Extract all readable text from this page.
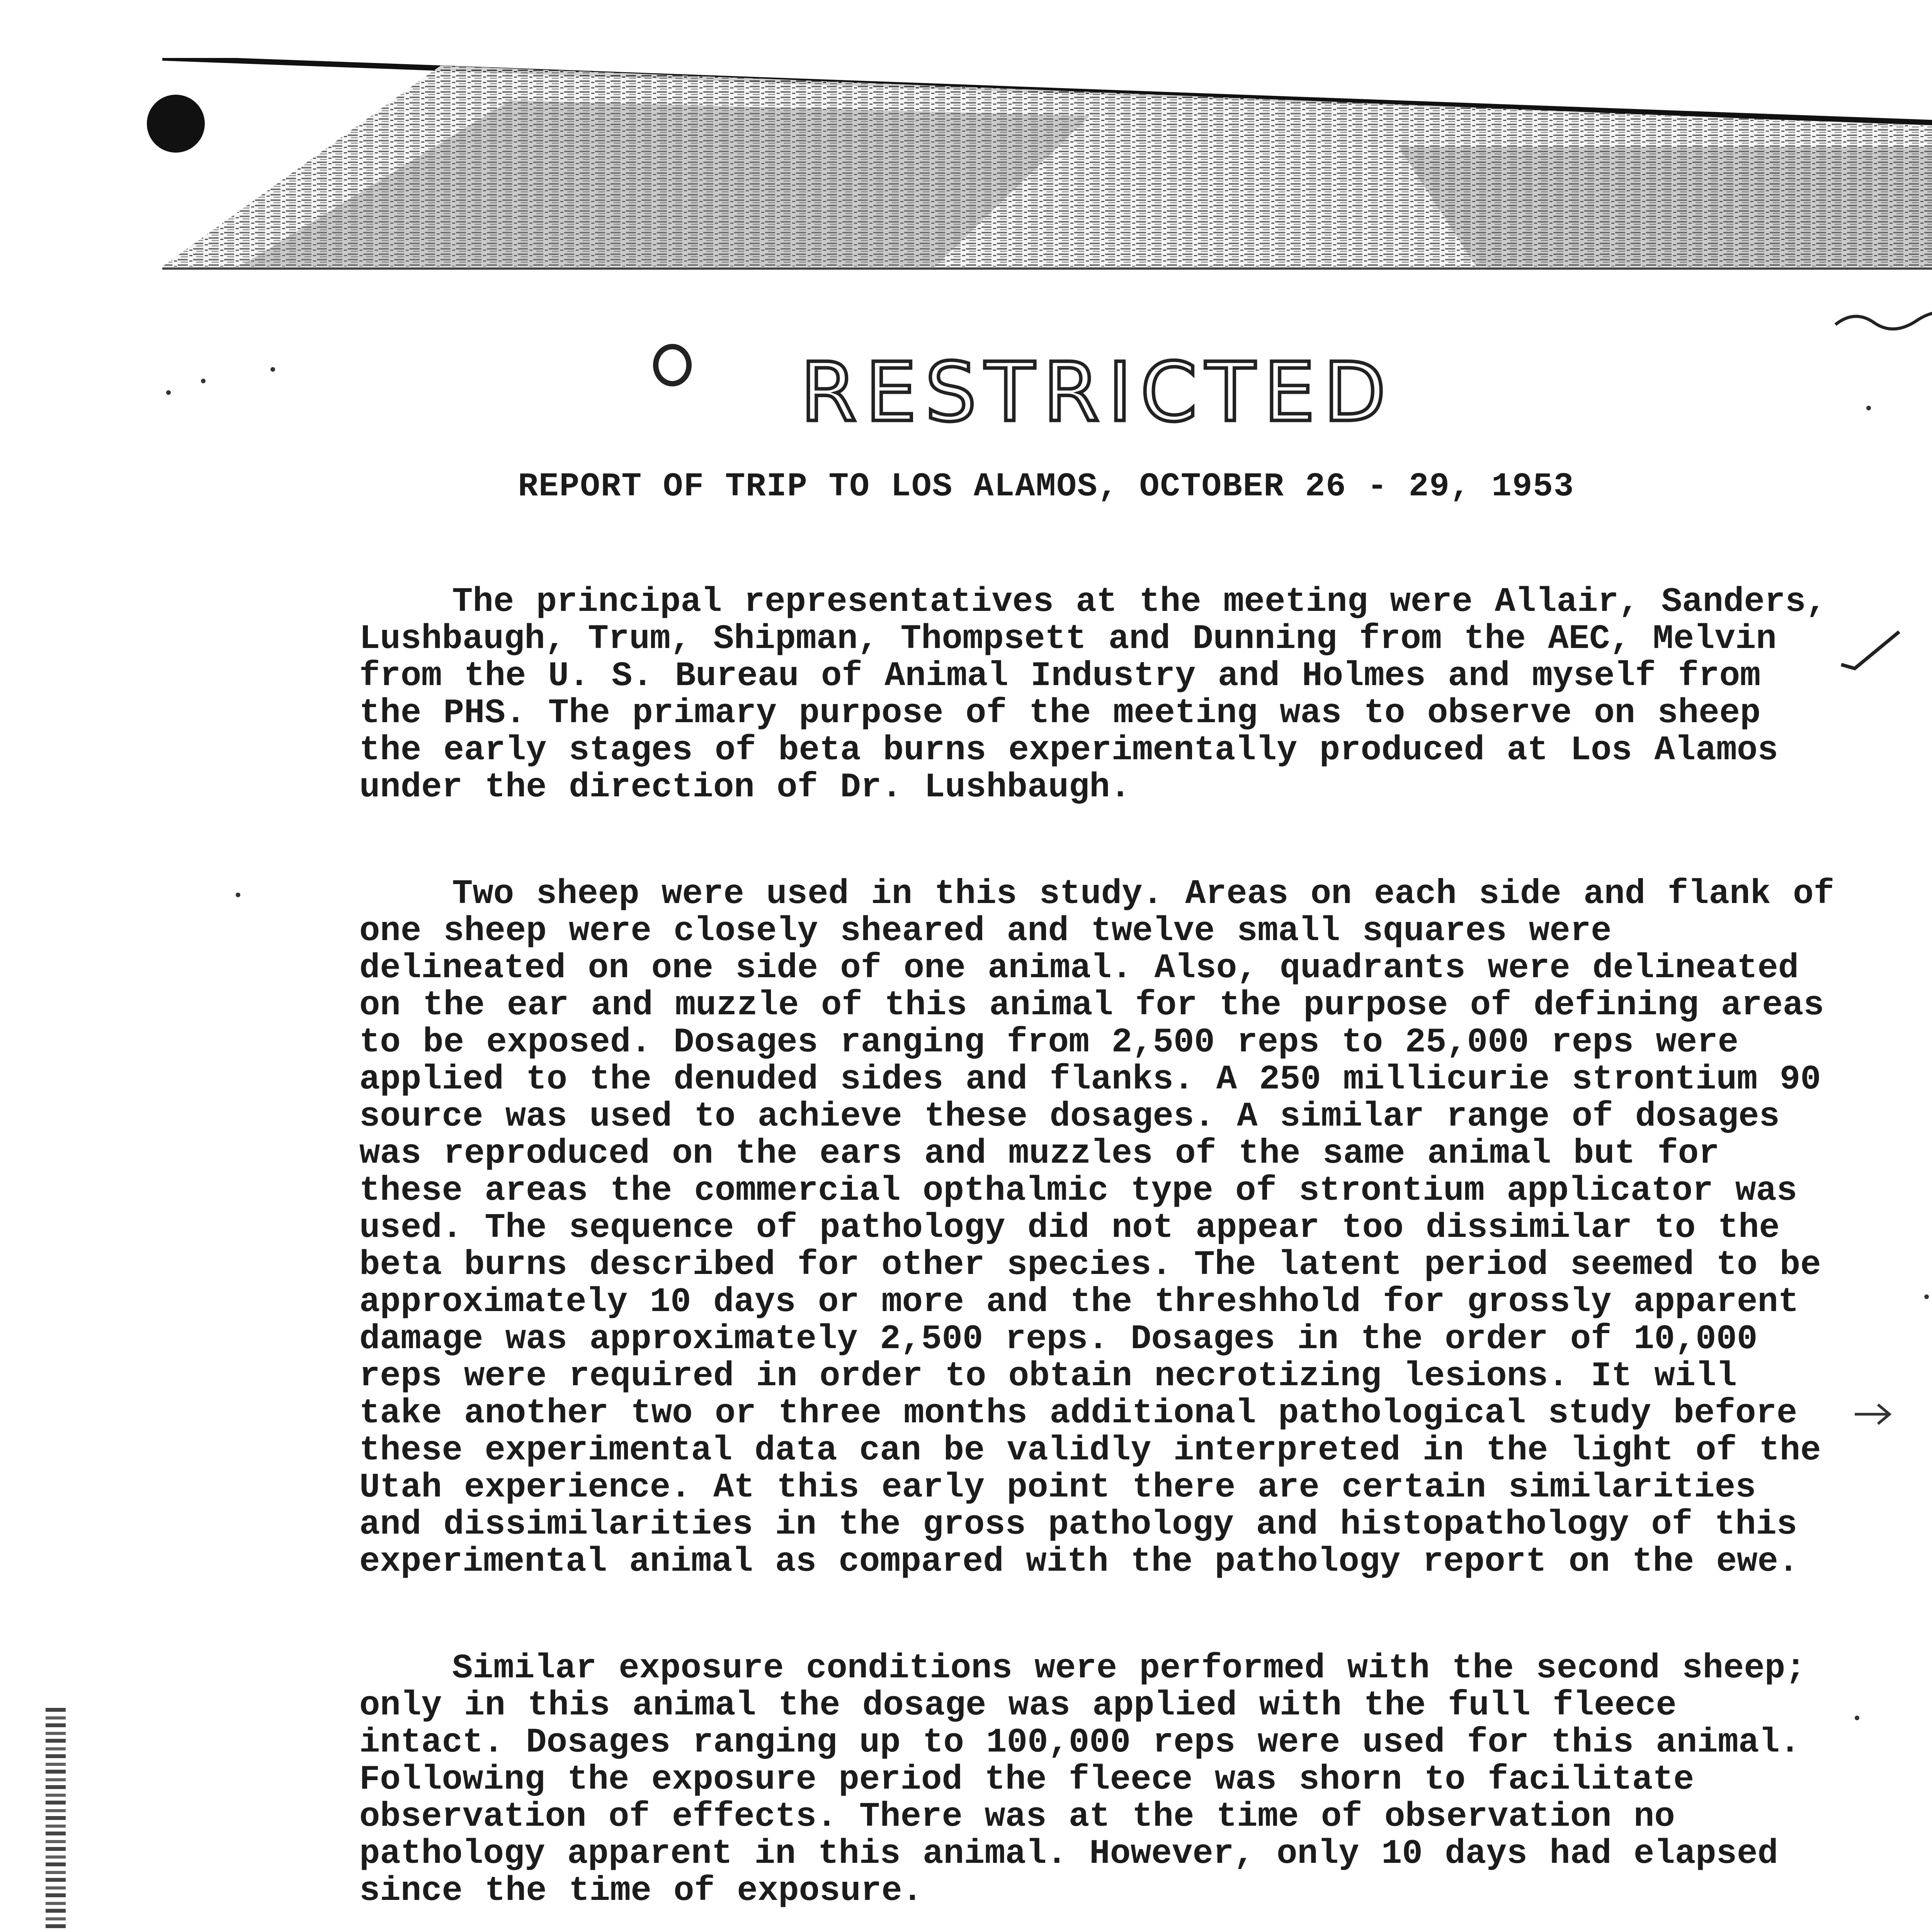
RESTRICTED
REPORT OF TRIP TO LOS ALAMOS, OCTOBER 26 - 29, 1953

The principal representatives at the meeting were Allair, Sanders, Lushbaugh, Trum, Shipman, Thompsett and Dunning from the AEC, Melvin from the U. S. Bureau of Animal Industry and Holmes and myself from the PHS. The primary purpose of the meeting was to observe on sheep the early stages of beta burns experimentally produced at Los Alamos under the direction of Dr. Lushbaugh.

Two sheep were used in this study. Areas on each side and flank of one sheep were closely sheared and twelve small squares were delineated on one side of one animal. Also, quadrants were delineated on the ear and muzzle of this animal for the purpose of defining areas to be exposed. Dosages ranging from 2,500 reps to 25,000 reps were applied to the denuded sides and flanks. A 250 millicurie strontium 90 source was used to achieve these dosages. A similar range of dosages was reproduced on the ears and muzzles of the same animal but for these areas the commercial opthalmic type of strontium applicator was used. The sequence of pathology did not appear too dissimilar to the beta burns described for other species. The latent period seemed to be approximately 10 days or more and the threshhold for grossly apparent damage was approximately 2,500 reps. Dosages in the order of 10,000 reps were required in order to obtain necrotizing lesions. It will take another two or three months additional pathological study before these experimental data can be validly interpreted in the light of the Utah experience. At this early point there are certain similarities and dissimilarities in the gross pathology and histopathology of this experimental animal as compared with the pathology report on the ewe.

Similar exposure conditions were performed with the second sheep; only in this animal the dosage was applied with the full fleece intact. Dosages ranging up to 100,000 reps were used for this animal. Following the exposure period the fleece was shorn to facilitate observation of effects. There was at the time of observation no pathology apparent in this animal. However, only 10 days had elapsed since the time of exposure.
